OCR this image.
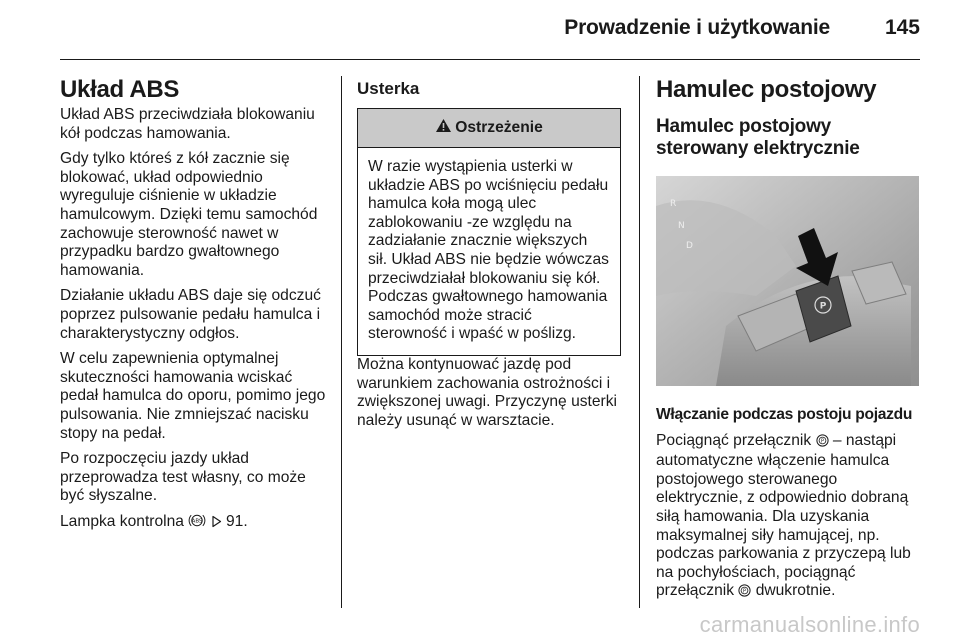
Prowadzenie i użytkowanie	145
Układ ABS

Układ ABS przeciwdziała blokowaniu kół podczas hamowania.

Gdy tylko któreś z kół zacznie się blokować, układ odpowiednio wyreguluje ciśnienie w układzie hamulcowym. Dzięki temu samochód zachowuje sterowność nawet w przypadku bardzo gwałtownego hamowania.

Działanie układu ABS daje się odczuć poprzez pulsowanie pedału hamulca i charakterystyczny odgłos.

W celu zapewnienia optymalnej skuteczności hamowania wciskać pedał hamulca do oporu, pomimo jego pulsowania. Nie zmniejszać nacisku stopy na pedał.

Po rozpoczęciu jazdy układ przeprowadza test własny, co może być słyszalne.

Lampka kontrolna ABS 91.

Usterka
Ostrzeżenie
W razie wystąpienia usterki w układzie ABS po wciśnięciu pedału hamulca koła mogą ulec zablokowaniu -ze względu na zadziałanie znacznie większych sił. Układ ABS nie będzie wówczas przeciwdziałał blokowaniu się kół. Podczas gwałtownego hamowania samochód może stracić sterowność i wpaść w poślizg.

Można kontynuować jazdę pod warunkiem zachowania ostrożności i zwiększonej uwagi. Przyczynę usterki należy usunąć w warsztacie.

Hamulec postojowy
Hamulec postojowy sterowany elektrycznie
R
N
D
P

Włączanie podczas postoju pojazdu

Pociągnąć przełącznik P – nastąpi automatyczne włączenie hamulca postojowego sterowanego elektrycznie, z odpowiednio dobraną siłą hamowania. Dla uzyskania maksymalnej siły hamującej, np. podczas parkowania z przyczepą lub na pochyłościach, pociągnąć przełącznik P dwukrotnie.

carmanualsonline.info
